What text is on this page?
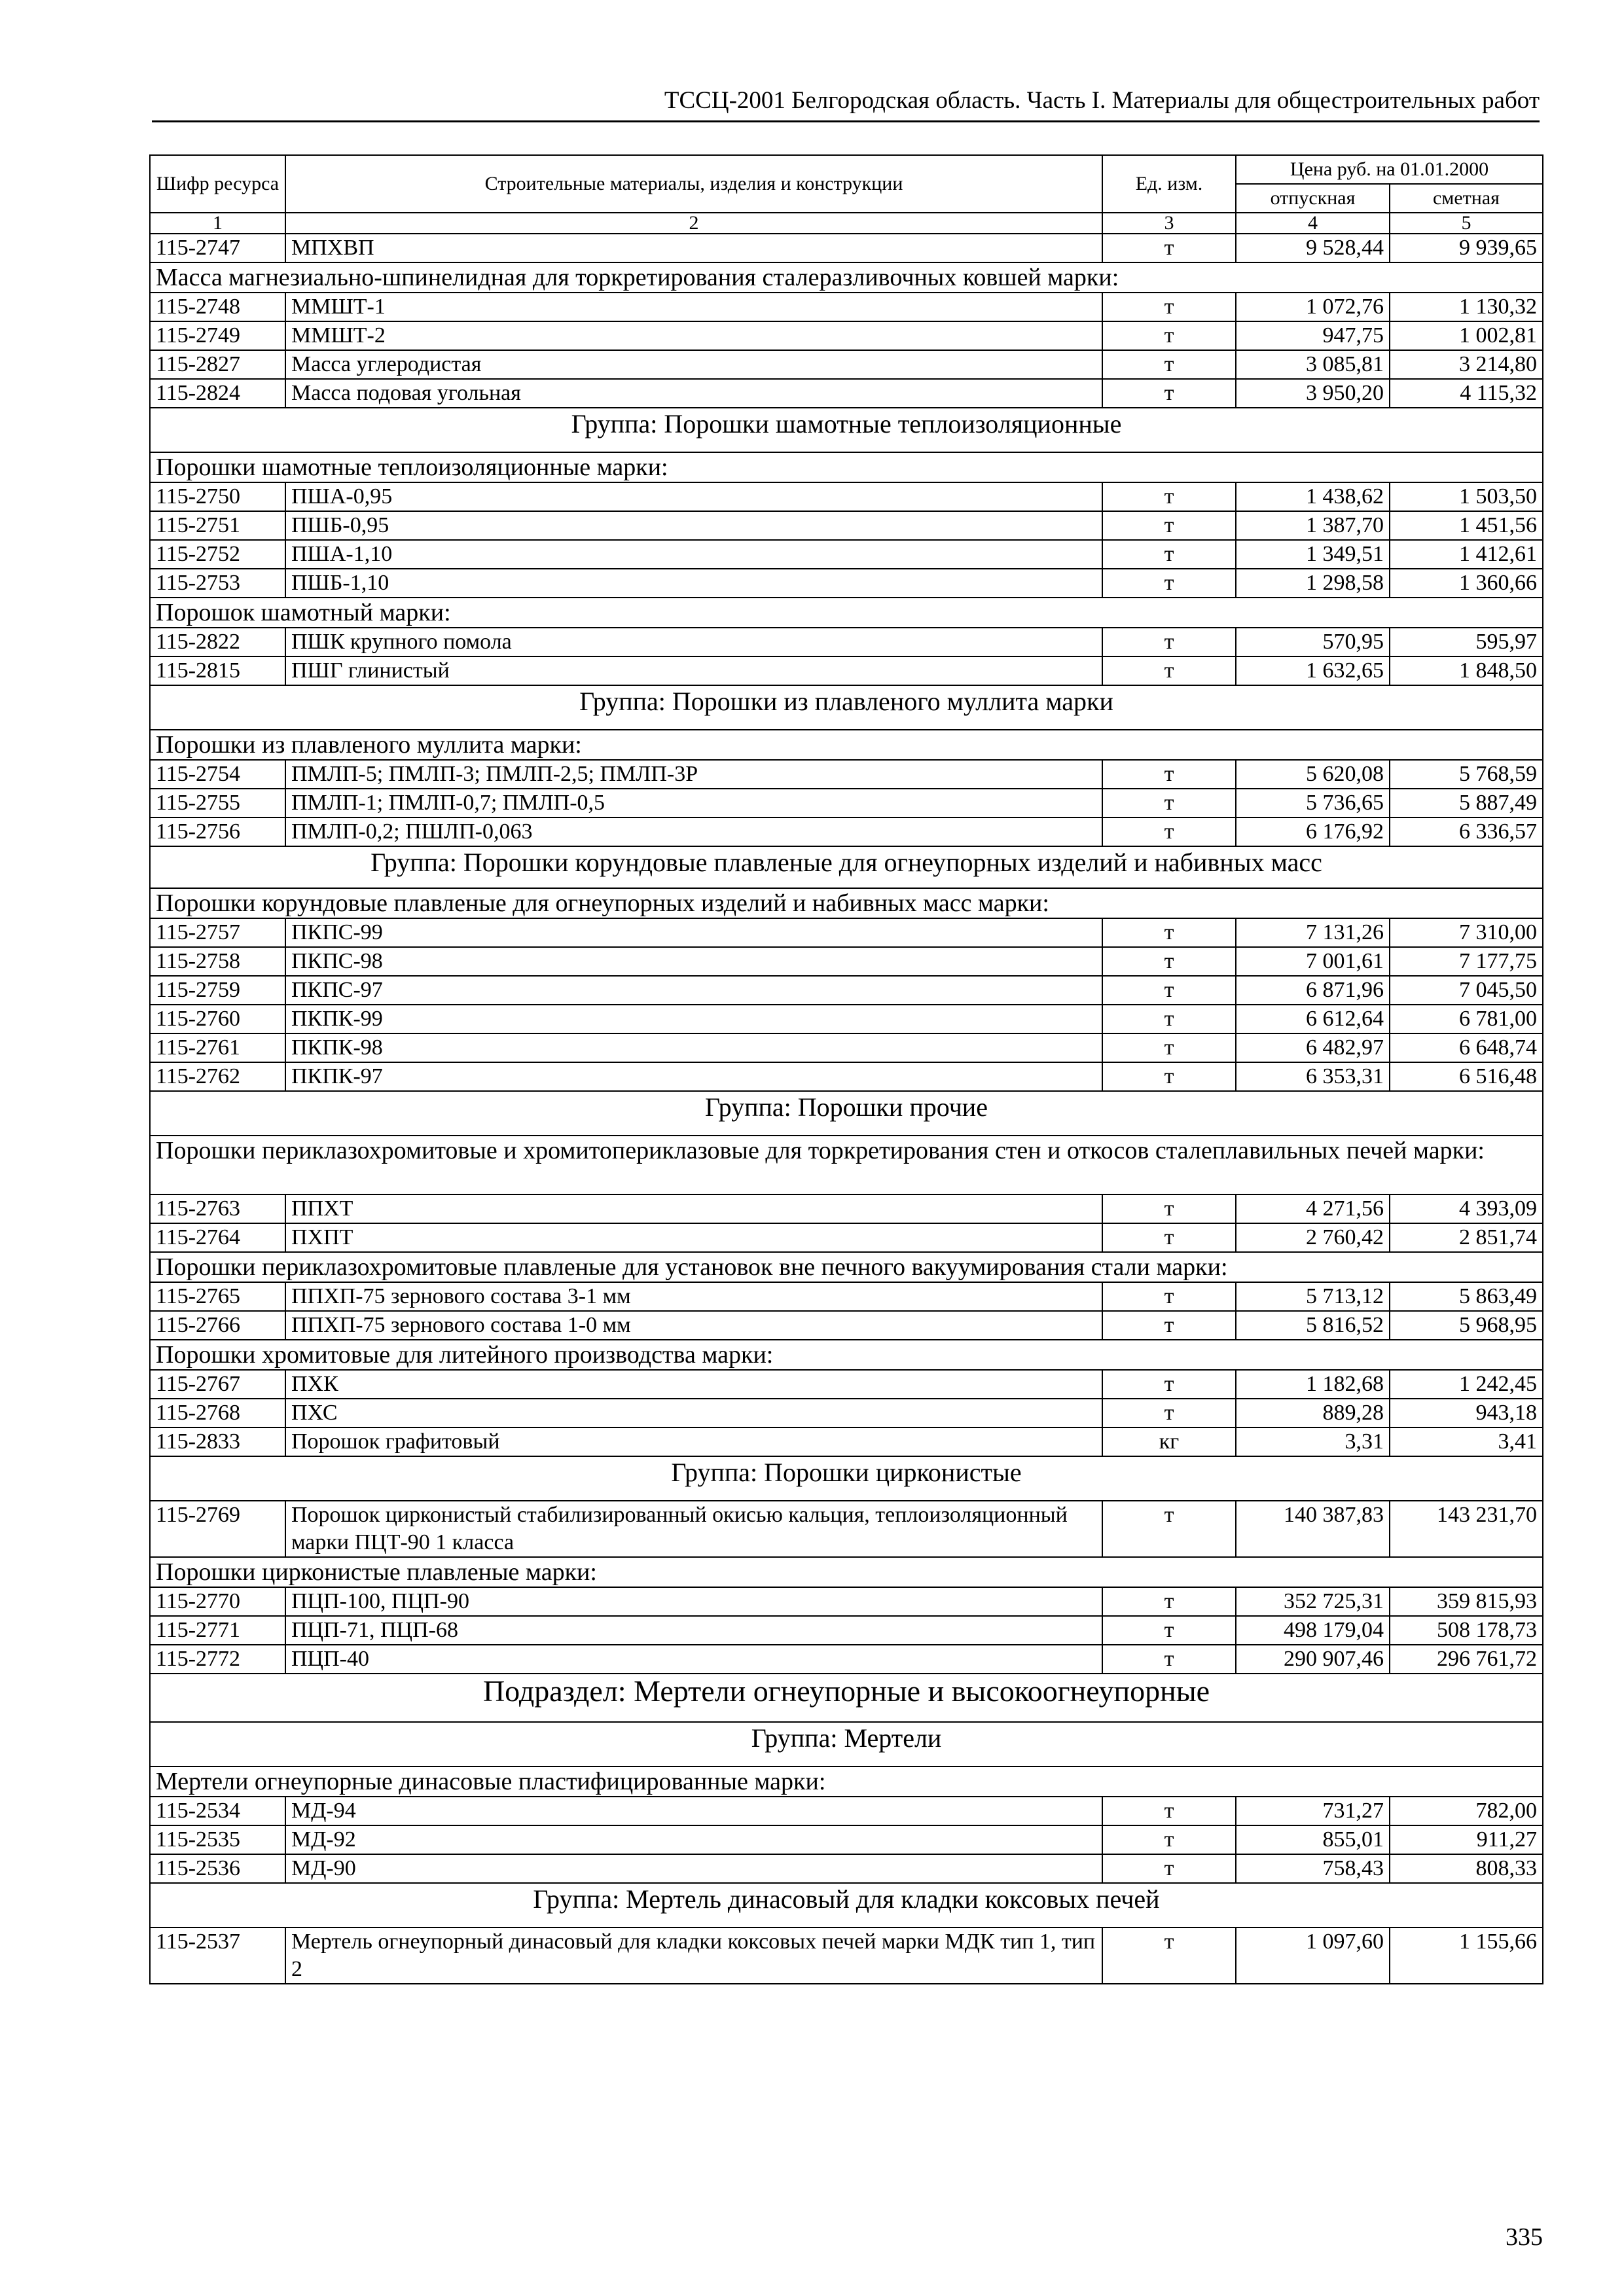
ТССЦ-2001 Белгородская область. Часть I. Материалы для общестроительных работ
Шифр ресурса	Строительные материалы, изделия и конструкции	Ед. изм.	Цена руб. на 01.01.2000	
			отпускная	сметная
1	2	3	4	5
115-2747	МПХВП	т	9 528,44	9 939,65
Масса магнезиально-шпинелидная для торкретирования сталеразливочных ковшей марки:				
115-2748	ММШТ-1	т	1 072,76	1 130,32
115-2749	ММШТ-2	т	947,75	1 002,81
115-2827	Масса углеродистая	т	3 085,81	3 214,80
115-2824	Масса подовая угольная	т	3 950,20	4 115,32
Группа: Порошки шамотные теплоизоляционные				
Порошки шамотные теплоизоляционные марки:				
115-2750	ПША-0,95	т	1 438,62	1 503,50
115-2751	ПШБ-0,95	т	1 387,70	1 451,56
115-2752	ПША-1,10	т	1 349,51	1 412,61
115-2753	ПШБ-1,10	т	1 298,58	1 360,66
Порошок шамотный марки:				
115-2822	ПШК крупного помола	т	570,95	595,97
115-2815	ПШГ глинистый	т	1 632,65	1 848,50
Группа: Порошки из плавленого муллита марки				
Порошки из плавленого муллита марки:				
115-2754	ПМЛП-5; ПМЛП-3; ПМЛП-2,5; ПМЛП-3Р	т	5 620,08	5 768,59
115-2755	ПМЛП-1; ПМЛП-0,7; ПМЛП-0,5	т	5 736,65	5 887,49
115-2756	ПМЛП-0,2; ПШЛП-0,063	т	6 176,92	6 336,57
Группа: Порошки корундовые плавленые для огнеупорных изделий и набивных масс				
Порошки корундовые плавленые для огнеупорных изделий и набивных масс марки:				
115-2757	ПКПС-99	т	7 131,26	7 310,00
115-2758	ПКПС-98	т	7 001,61	7 177,75
115-2759	ПКПС-97	т	6 871,96	7 045,50
115-2760	ПКПК-99	т	6 612,64	6 781,00
115-2761	ПКПК-98	т	6 482,97	6 648,74
115-2762	ПКПК-97	т	6 353,31	6 516,48
Группа: Порошки прочие				
Порошки периклазохромитовые и хромитопериклазовые для торкретирования стен и откосов сталеплавильных печей марки:				
115-2763	ППХТ	т	4 271,56	4 393,09
115-2764	ПХПТ	т	2 760,42	2 851,74
Порошки периклазохромитовые плавленые для установок вне печного вакуумирования стали марки:				
115-2765	ППХП-75 зернового состава 3-1 мм	т	5 713,12	5 863,49
115-2766	ППХП-75 зернового состава 1-0 мм	т	5 816,52	5 968,95
Порошки хромитовые для литейного производства марки:				
115-2767	ПХК	т	1 182,68	1 242,45
115-2768	ПХС	т	889,28	943,18
115-2833	Порошок графитовый	кг	3,31	3,41
Группа: Порошки цирконистые				
115-2769	Порошок цирконистый стабилизированный окисью кальция, теплоизоляционный марки ПЦТ-90 1 класса	т	140 387,83	143 231,70
Порошки цирконистые плавленые марки:				
115-2770	ПЦП-100, ПЦП-90	т	352 725,31	359 815,93
115-2771	ПЦП-71, ПЦП-68	т	498 179,04	508 178,73
115-2772	ПЦП-40	т	290 907,46	296 761,72
Подраздел: Мертели огнеупорные и высокоогнеупорные				
Группа: Мертели				
Мертели огнеупорные динасовые пластифицированные марки:				
115-2534	МД-94	т	731,27	782,00
115-2535	МД-92	т	855,01	911,27
115-2536	МД-90	т	758,43	808,33
Группа: Мертель динасовый для кладки коксовых печей				
115-2537	Мертель огнеупорный динасовый для кладки коксовых печей марки МДК тип 1, тип 2	т	1 097,60	1 155,66
335
